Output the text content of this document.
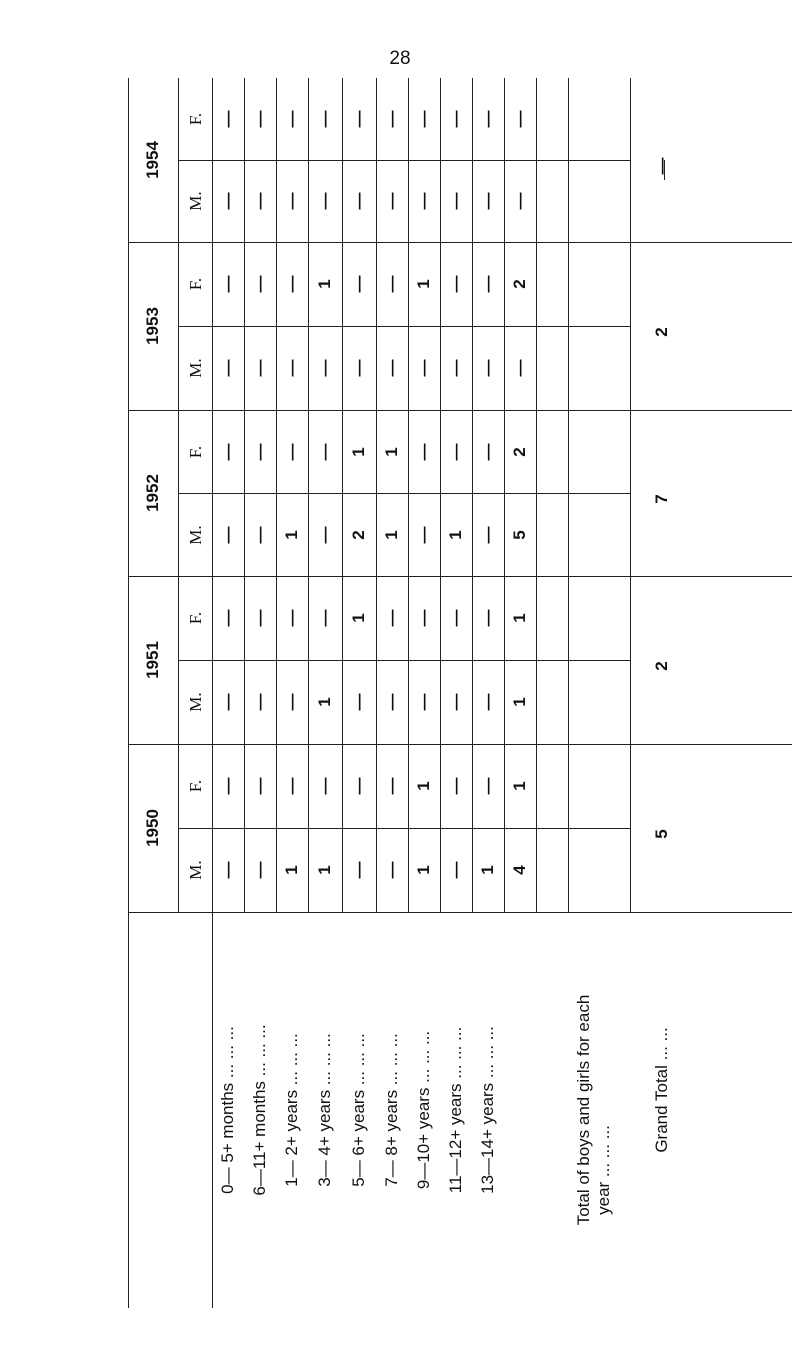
28
1950
M.
F.
—
—
—
—
1
—
1
—
—
—
—
—
1
1
—
—
1
—
4
1
5
1951
M.
F.
—
—
—
—
—
—
1
—
—
1
—
—
—
—
—
—
—
—
1
1
2
1952
M.
F.
—
—
—
—
1
—
—
—
2
1
1
1
—
—
1
—
—
—
5
2
7
1953
M.
F.
—
—
—
—
—
—
—
1
—
—
—
—
—
1
—
—
—
—
—
2
2
1954
M.
F.
—
—
—
—
—
—
—
—
—
—
—
—
—
—
—
—
—
—
—
—
—
0— 5+ months ... ... ... 6—11+ months ... ... ... 1— 2+ years ... ... ... 3— 4+ years ... ... ... 5— 6+ years ... ... ... 7— 8+ years ... ... ... 9—10+ years ... ... ... 11—12+ years ... ... ... 13—14+ years ... ... ...	Total of boys and girls for each year ... ... ...
Grand Total ... ...
